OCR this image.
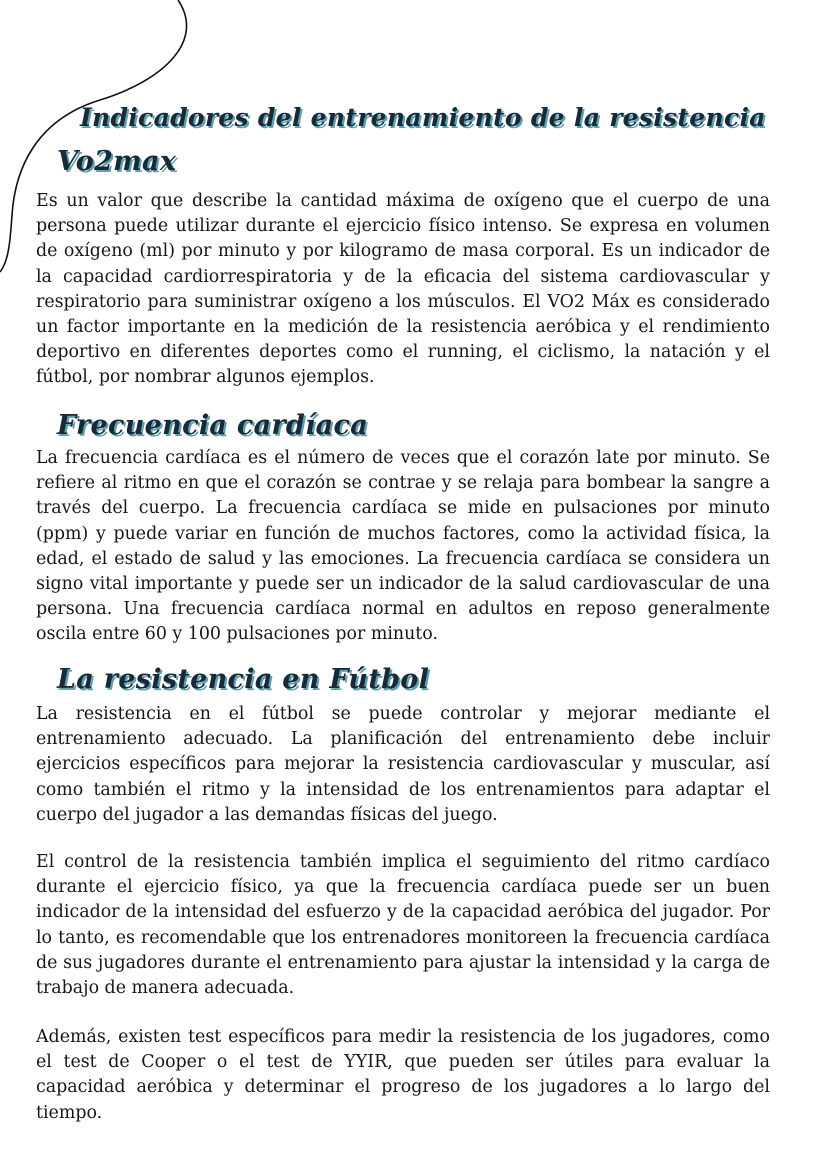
Indicadores del entrenamiento de la resistencia
Vo2max

Es un valor que describe la cantidad máxima de oxígeno que el cuerpo de una persona puede utilizar durante el ejercicio físico intenso. Se expresa en volumen de oxígeno (ml) por minuto y por kilogramo de masa corporal. Es un indicador de la capacidad cardiorrespiratoria y de la eficacia del sistema cardiovascular y respiratorio para suministrar oxígeno a los músculos. El VO2 Máx es considerado un factor importante en la medición de la resistencia aeróbica y el rendimiento deportivo en diferentes deportes como el running, el ciclismo, la natación y el fútbol, por nombrar algunos ejemplos.

Frecuencia cardíaca

La frecuencia cardíaca es el número de veces que el corazón late por minuto. Se refiere al ritmo en que el corazón se contrae y se relaja para bombear la sangre a través del cuerpo. La frecuencia cardíaca se mide en pulsaciones por minuto (ppm) y puede variar en función de muchos factores, como la actividad física, la edad, el estado de salud y las emociones. La frecuencia cardíaca se considera un signo vital importante y puede ser un indicador de la salud cardiovascular de una persona. Una frecuencia cardíaca normal en adultos en reposo generalmente oscila entre 60 y 100 pulsaciones por minuto.

La resistencia en Fútbol

La resistencia en el fútbol se puede controlar y mejorar mediante el entrenamiento adecuado. La planificación del entrenamiento debe incluir ejercicios específicos para mejorar la resistencia cardiovascular y muscular, así como también el ritmo y la intensidad de los entrenamientos para adaptar el cuerpo del jugador a las demandas físicas del juego.

El control de la resistencia también implica el seguimiento del ritmo cardíaco durante el ejercicio físico, ya que la frecuencia cardíaca puede ser un buen indicador de la intensidad del esfuerzo y de la capacidad aeróbica del jugador. Por lo tanto, es recomendable que los entrenadores monitoreen la frecuencia cardíaca de sus jugadores durante el entrenamiento para ajustar la intensidad y la carga de trabajo de manera adecuada.

Además, existen test específicos para medir la resistencia de los jugadores, como el test de Cooper o el test de YYIR, que pueden ser útiles para evaluar la capacidad aeróbica y determinar el progreso de los jugadores a lo largo del tiempo.
